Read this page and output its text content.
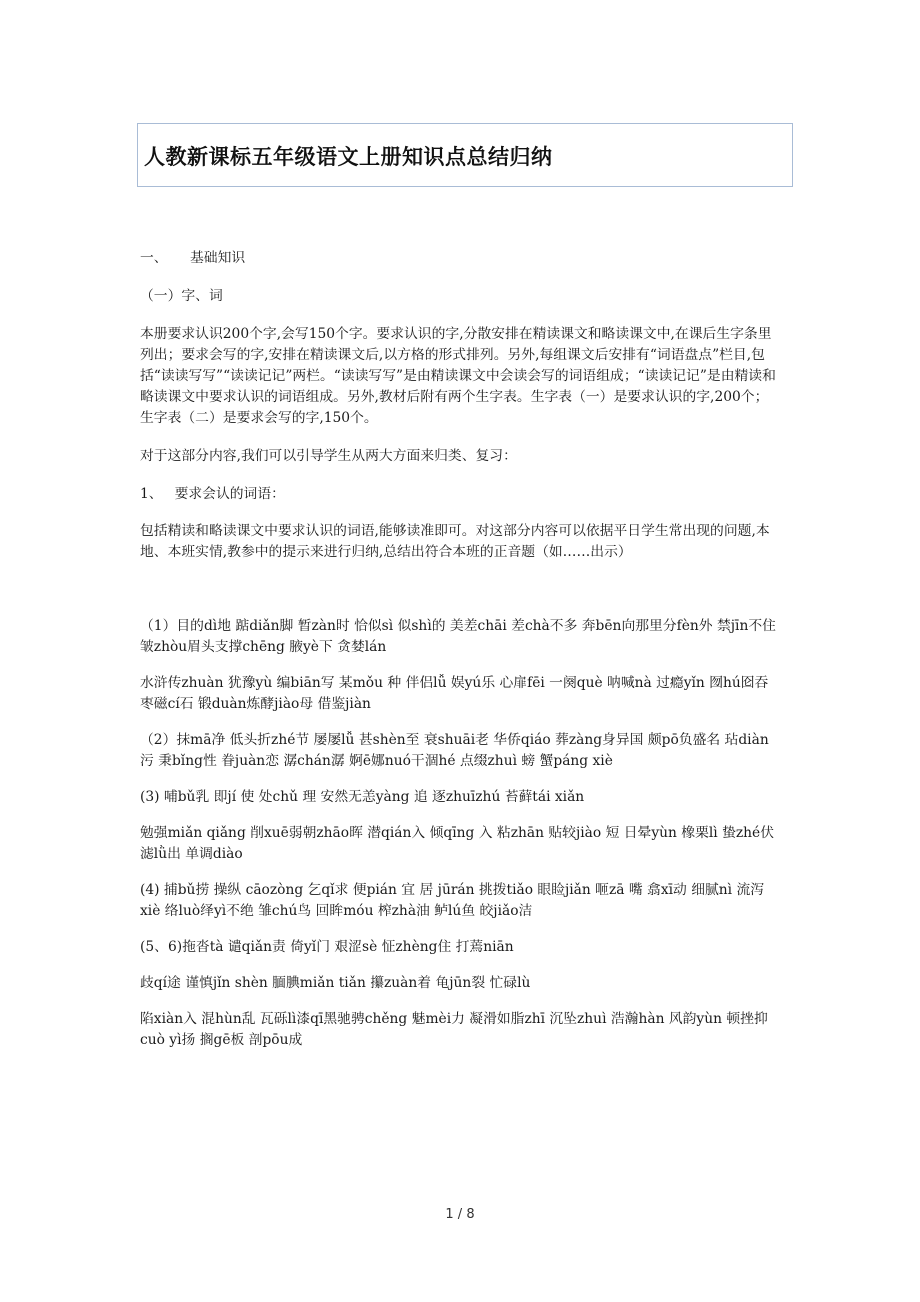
人教新课标五年级语文上册知识点总结归纳

一、	基础知识

（一）字、词

本册要求认识200个字,会写150个字。要求认识的字,分散安排在精读课文和略读课文中,在课后生字条里列出；要求会写的字,安排在精读课文后,以方格的形式排列。另外,每组课文后安排有“词语盘点”栏目,包括“读读写写”“读读记记”两栏。“读读写写”是由精读课文中会读会写的词语组成；“读读记记”是由精读和略读课文中要求认识的词语组成。另外,教材后附有两个生字表。生字表（一）是要求认识的字,200个；生字表（二）是要求会写的字,150个。

对于这部分内容,我们可以引导学生从两大方面来归类、复习：

1、 要求会认的词语：

包括精读和略读课文中要求认识的词语,能够读准即可。对这部分内容可以依据平日学生常出现的问题,本地、本班实情,教参中的提示来进行归纳,总结出符合本班的正音题（如……出示）

（1）目的dì地 踮diǎn脚 暂zàn时 恰似sì 似shì的 美差chāi 差chà不多 奔bēn向那里分fèn外 禁jīn不住 皱zhòu眉头支撑chēng 腋yè下 贪婪lán

水浒传zhuàn 犹豫yù 编biān写 某mǒu 种 伴侣lǚ 娱yú乐 心扉fēi 一阕què 呐喊nà 过瘾yǐn 囫hú囵吞枣磁cí石 锻duàn炼酵jiào母 借鉴jiàn

（2）抹mā净 低头折zhé节 屡屡lǚ 甚shèn至 衰shuāi老 华侨qiáo 葬zàng身异国 颇pō负盛名 玷diàn 污 秉bǐng性 眷juàn恋 潺chán潺 婀ē娜nuó干涸hé 点缀zhuì 螃 蟹páng xiè

(3) 哺bǔ乳 即jí 使 处chǔ 理 安然无恙yàng 追 逐zhuīzhú 苔藓tái xiǎn

勉强miǎn qiǎng 削xuē弱朝zhāo晖 潜qián入 倾qīng 入 粘zhān 贴较jiào 短 日晕yùn 橡栗lì 蛰zhé伏 滤lǜ出 单调diào

(4) 捕bǔ捞 操纵 cāozòng 乞qǐ求 便pián 宜 居 jūrán 挑拨tiǎo 眼睑jiǎn 咂zā 嘴 翕xī动 细腻nì 流泻xiè 络luò绎yì不绝 雏chú鸟 回眸móu 榨zhà油 鲈lú鱼 皎jiǎo洁

(5、6)拖沓tà 谴qiǎn责 倚yǐ门 艰涩sè 怔zhèng住 打蔫niān

歧qí途 谨慎jǐn shèn 腼腆miǎn tiǎn 攥zuàn着 龟jūn裂 忙碌lù

陷xiàn入 混hùn乱 瓦砾lì漆qī黑驰骋chěng 魅mèi力 凝滑如脂zhī 沉坠zhuì 浩瀚hàn 风韵yùn 顿挫抑cuò yì扬 搁gē板 剖pōu成

1 / 8
